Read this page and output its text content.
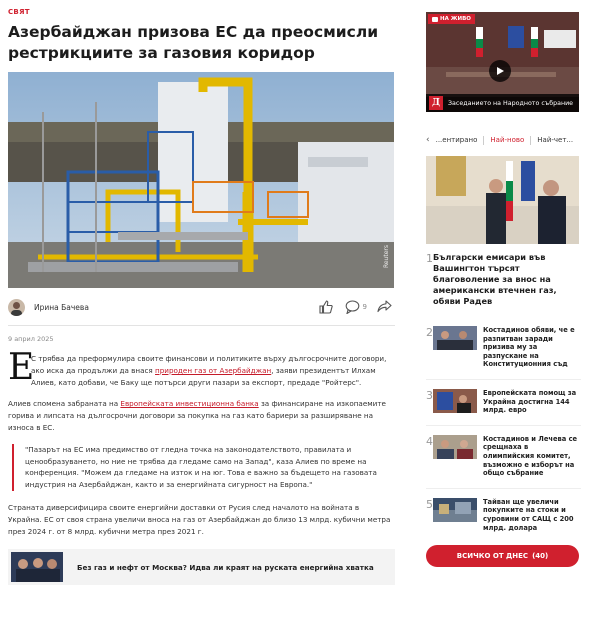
СВЯТ
Азербайджан призова ЕС да преосмисли рестрикциите за газовия коридор
Reuters
Ирина Бачева	9
9 април 2025
Е

С трябва да преформулира своите финансови и политиките върху дългосрочните договори, ако иска да продължи да внася природен газ от Азербайджан, заяви президентът Илхам Алиев, като добави, че Баку ще потърси други пазари за експорт, предаде "Ройтерс".

Алиев спомена забраната на Европейската инвестиционна банка за финансиране на изкопаемите горива и липсата на дългосрочни договори за покупка на газ като бариери за разширяване на износа в ЕС.

"Пазарът на ЕС има предимство от гледна точка на законодателството, правилата и ценообразуването, но ние не трябва да гледаме само на Запад", каза Алиев по време на конференция. "Можем да гледаме на изток и на юг. Това е важно за бъдещето на газовата индустрия на Азербайджан, както и за енергийната сигурност на Европа."

Страната диверсифицира своите енергийни доставки от Русия след началото на войната в Украйна. ЕС от своя страна увеличи вноса на газ от Азербайджан до близо 13 млрд. кубични метра през 2024 г. от 8 млрд. кубични метра през 2021 г.

Без газ и нефт от Москва? Идва ли краят на руската енергийна хватка
НА ЖИВО
Д	Заседанието на Народното събрание
‹ ...ентирано	Най-ново	Най-чет...
1 Български емисари във Вашингтон търсят благоволение за внос на американски втечнен газ, обяви Радев
2	Костадинов обяви, че е разпитван заради призива му за разпускане на Конституционния съд
3	Европейската помощ за Украйна достигна 144 млрд. евро
4	Костадинов и Лечева се срещнаха в олимпийския комитет, възможно е изборът на общо събрание
5	Тайван ще увеличи покупките на стоки и суровини от САЩ с 200 млрд. долара
ВСИЧКО ОТ ДНЕС (40)
